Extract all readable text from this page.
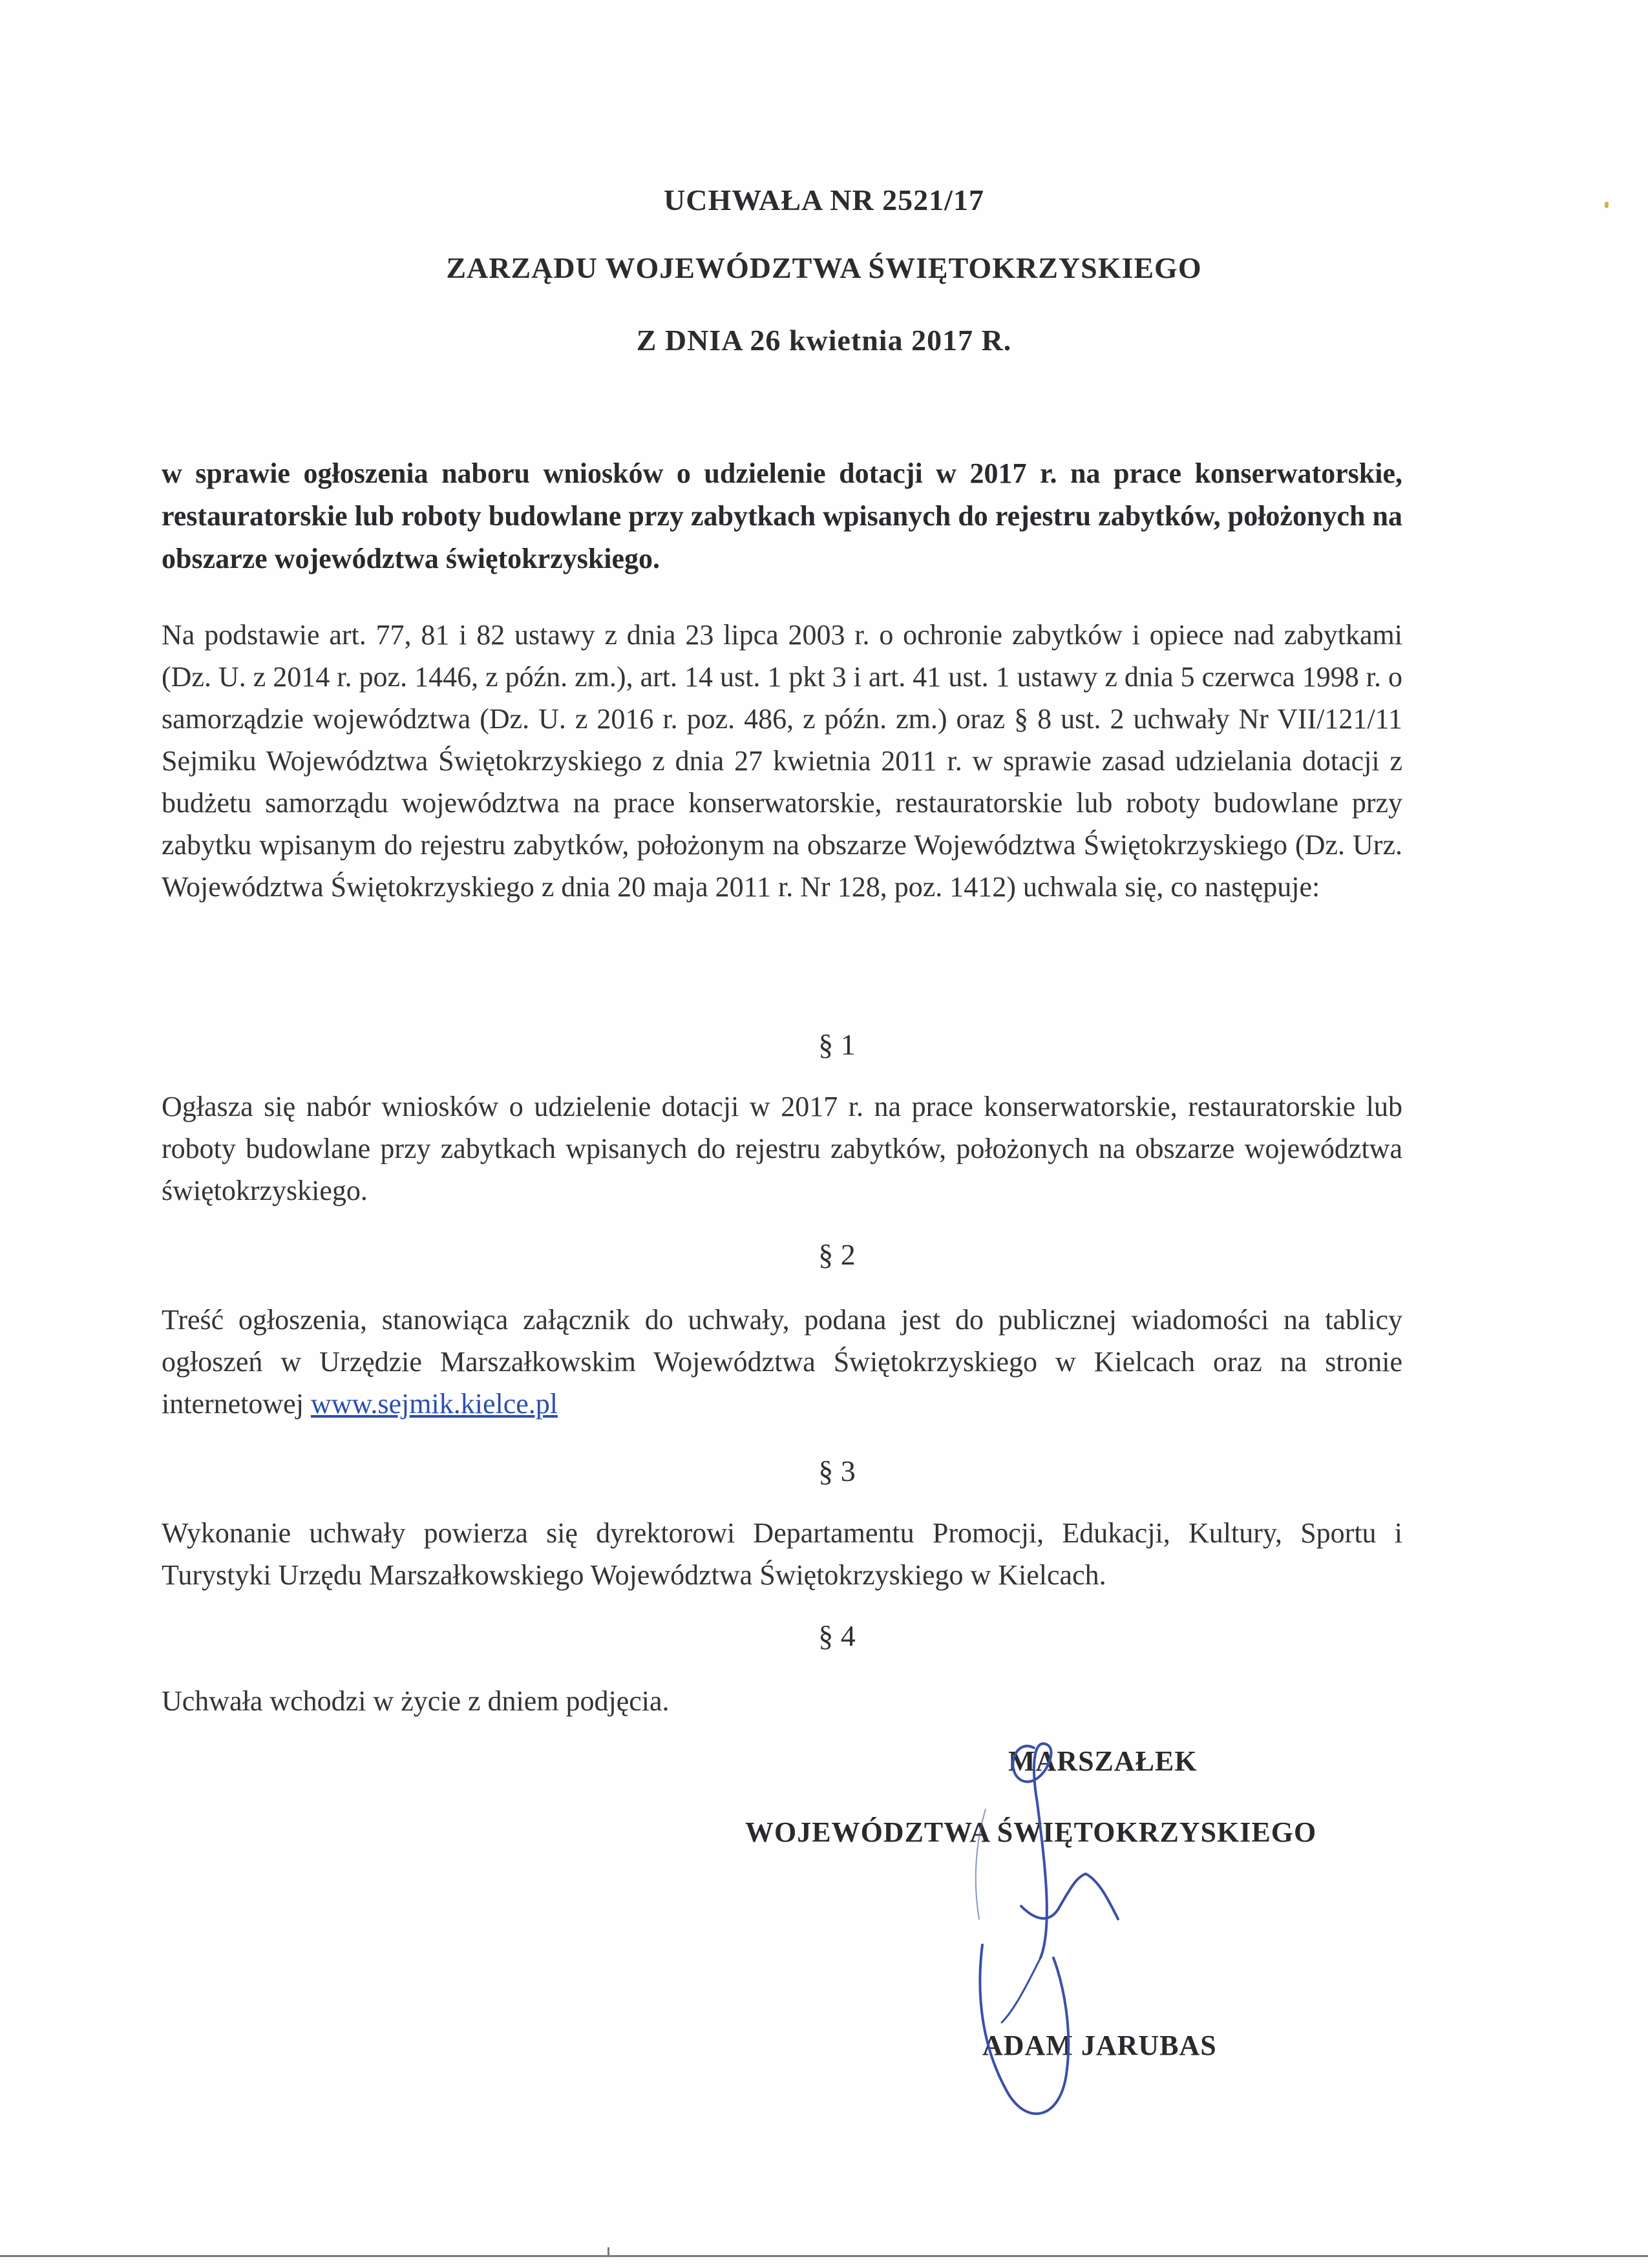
UCHWAŁA NR 2521/17
ZARZĄDU WOJEWÓDZTWA ŚWIĘTOKRZYSKIEGO
Z DNIA 26 kwietnia 2017 R.
w sprawie ogłoszenia naboru wniosków o udzielenie dotacji w 2017 r. na prace konserwatorskie, restauratorskie lub roboty budowlane przy zabytkach wpisanych do rejestru zabytków, położonych na obszarze województwa świętokrzyskiego.
Na podstawie art. 77, 81 i 82 ustawy z dnia 23 lipca 2003 r. o ochronie zabytków i opiece nad zabytkami (Dz. U. z 2014 r. poz. 1446, z późn. zm.), art. 14 ust. 1 pkt 3 i art. 41 ust. 1 ustawy z dnia 5 czerwca 1998 r. o samorządzie województwa (Dz. U. z 2016 r. poz. 486, z późn. zm.) oraz § 8 ust. 2 uchwały Nr VII/121/11 Sejmiku Województwa Świętokrzyskiego z dnia 27 kwietnia 2011 r. w sprawie zasad udzielania dotacji z budżetu samorządu województwa na prace konserwatorskie, restauratorskie lub roboty budowlane przy zabytku wpisanym do rejestru zabytków, położonym na obszarze Województwa Świętokrzyskiego (Dz. Urz. Województwa Świętokrzyskiego z dnia 20 maja 2011 r. Nr 128, poz. 1412) uchwala się, co następuje:
§ 1
Ogłasza się nabór wniosków o udzielenie dotacji w 2017 r. na prace konserwatorskie, restauratorskie lub roboty budowlane przy zabytkach wpisanych do rejestru zabytków, położonych na obszarze województwa świętokrzyskiego.
§ 2
Treść ogłoszenia, stanowiąca załącznik do uchwały, podana jest do publicznej wiadomości na tablicy ogłoszeń w Urzędzie Marszałkowskim Województwa Świętokrzyskiego w Kielcach oraz na stronie internetowej www.sejmik.kielce.pl
§ 3
Wykonanie uchwały powierza się dyrektorowi Departamentu Promocji, Edukacji, Kultury, Sportu i Turystyki Urzędu Marszałkowskiego Województwa Świętokrzyskiego w Kielcach.
§ 4
Uchwała wchodzi w życie z dniem podjęcia.
MARSZAŁEK
WOJEWÓDZTWA ŚWIĘTOKRZYSKIEGO
ADAM JARUBAS
